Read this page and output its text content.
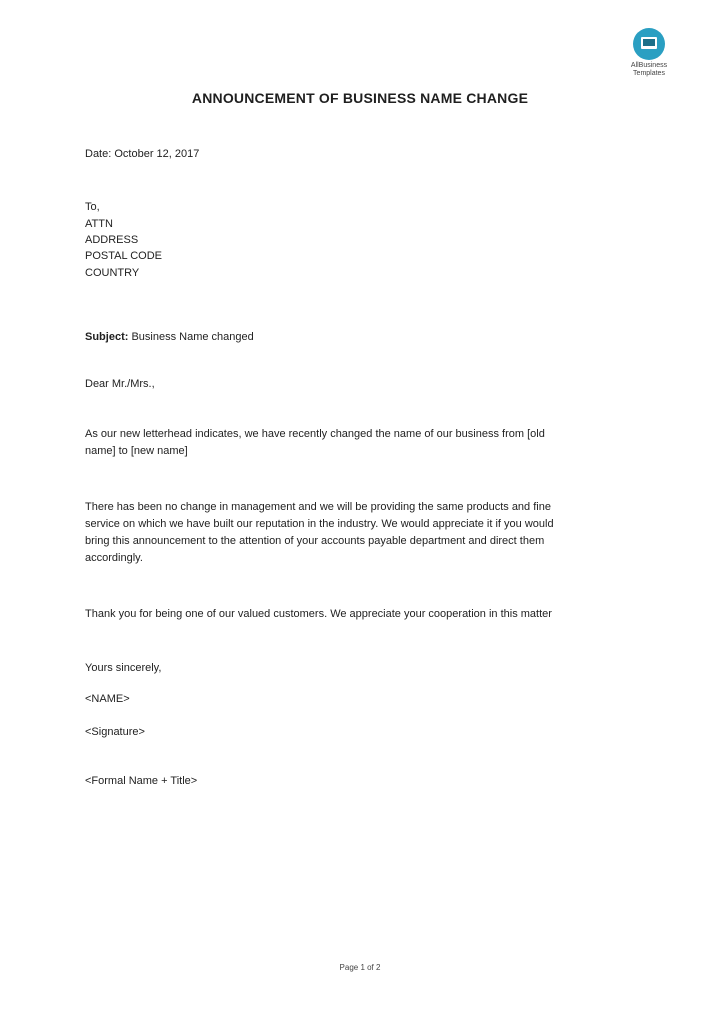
AllBusiness
Templates
ANNOUNCEMENT OF BUSINESS NAME CHANGE
Date: October 12, 2017
To,
ATTN
ADDRESS
POSTAL CODE
COUNTRY
Subject: Business Name changed
Dear Mr./Mrs.,
As our new letterhead indicates, we have recently changed the name of our business from [old
name] to [new name]
There has been no change in management and we will be providing the same products and fine
service on which we have built our reputation in the industry. We would appreciate it if you would
bring this announcement to the attention of your accounts payable department and direct them
accordingly.
Thank you for being one of our valued customers. We appreciate your cooperation in this matter
Yours sincerely,
<NAME>
<Signature>
<Formal Name + Title>
Page 1 of 2
